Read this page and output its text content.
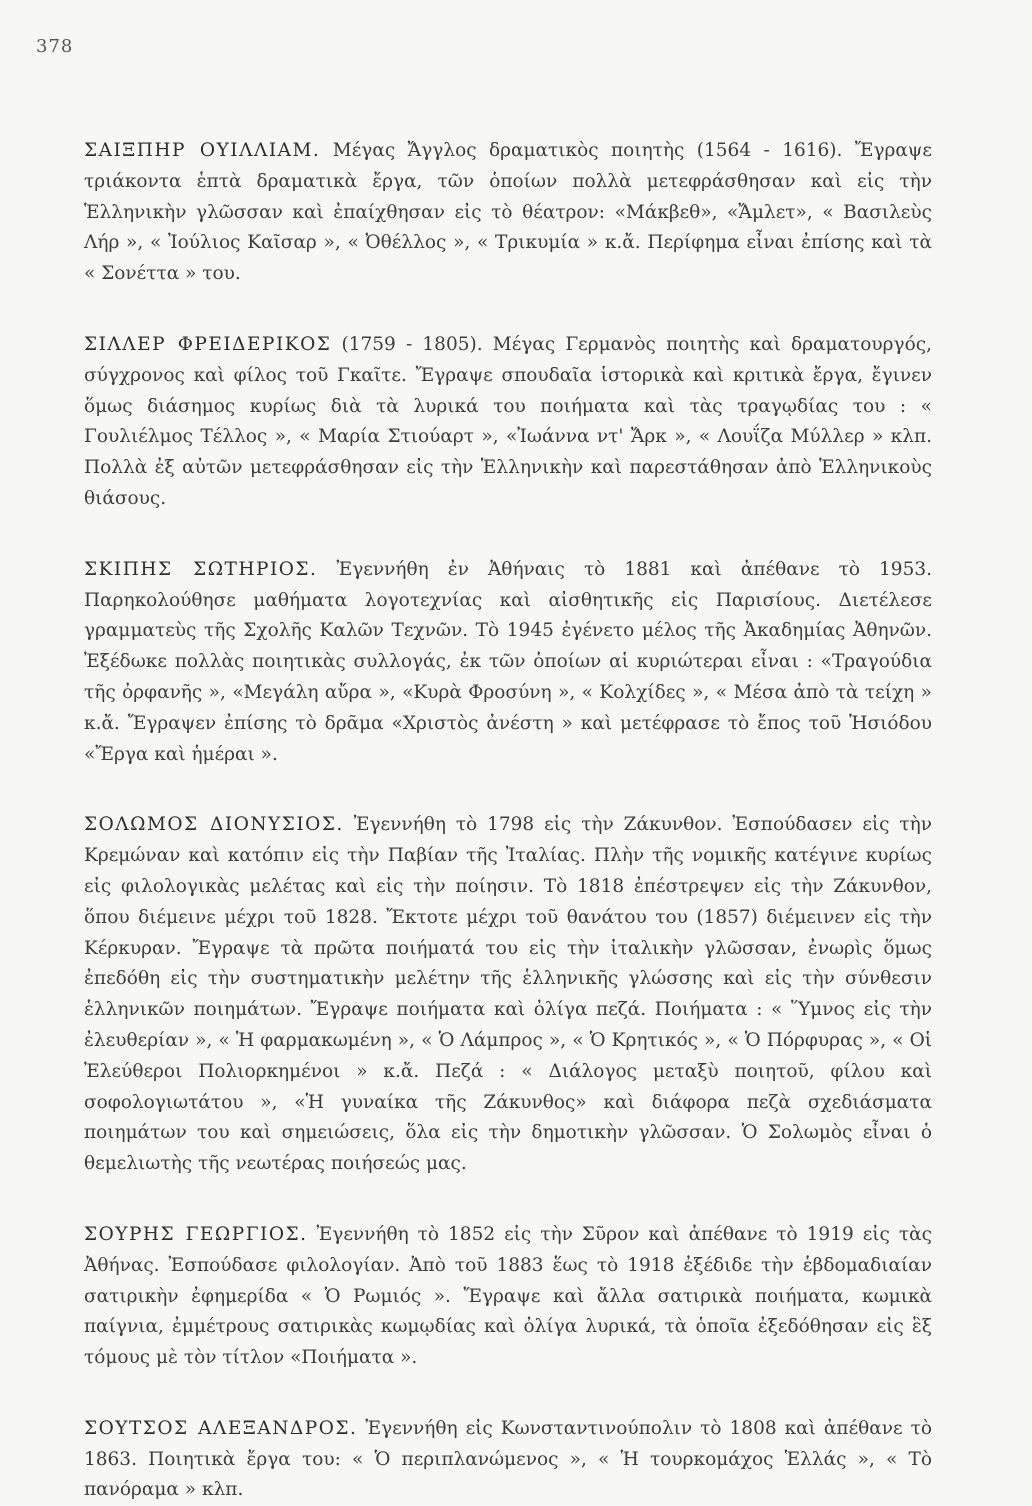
378

ΣΑΙΞΠΗΡ ΟΥΙΛΛΙΑΜ. Μέγας Ἄγγλος δραματικὸς ποιητὴς (1564 - 1616). Ἔγραψε τριάκοντα ἑπτὰ δραματικὰ ἔργα, τῶν ὁποίων πολλὰ μετεφράσθησαν καὶ εἰς τὴν Ἑλληνικὴν γλῶσσαν καὶ ἐπαίχθησαν εἰς τὸ θέατρον: «Μάκβεθ», «Ἄμλετ», « Βασιλεὺς Λήρ », « Ἰούλιος Καῖσαρ », « Ὀθέλλος », « Τρικυμία » κ.ἄ. Περίφημα εἶναι ἐπίσης καὶ τὰ « Σονέττα » του.

ΣΙΛΛΕΡ ΦΡΕΙΔΕΡΙΚΟΣ (1759 - 1805). Μέγας Γερμανὸς ποιητὴς καὶ δραματουργός, σύγχρονος καὶ φίλος τοῦ Γκαῖτε. Ἔγραψε σπουδαῖα ἱστορικὰ καὶ κριτικὰ ἔργα, ἔγινεν ὅμως διάσημος κυρίως διὰ τὰ λυρικά του ποιήματα καὶ τὰς τραγῳδίας του : « Γουλιέλμος Τέλλος », « Μαρία Στιούαρτ », «Ἰωάννα ντ' Ἄρκ », « Λουΐζα Μύλλερ » κλπ. Πολλὰ ἐξ αὐτῶν μετεφράσθησαν εἰς τὴν Ἑλληνικὴν καὶ παρεστάθησαν ἀπὸ Ἑλληνικοὺς θιάσους.

ΣΚΙΠΗΣ ΣΩΤΗΡΙΟΣ. Ἐγεννήθη ἐν Ἀθήναις τὸ 1881 καὶ ἀπέθανε τὸ 1953. Παρηκολούθησε μαθήματα λογοτεχνίας καὶ αἰσθητικῆς εἰς Παρισίους. Διετέλεσε γραμματεὺς τῆς Σχολῆς Καλῶν Τεχνῶν. Τὸ 1945 ἐγένετο μέλος τῆς Ἀκαδημίας Ἀθηνῶν. Ἐξέδωκε πολλὰς ποιητικὰς συλλογάς, ἐκ τῶν ὁποίων αἱ κυριώτεραι εἶναι : «Τραγούδια τῆς ὀρφανῆς », «Μεγάλη αὔρα », «Κυρὰ Φροσύνη », « Κολχίδες », « Μέσα ἀπὸ τὰ τείχη » κ.ἄ. Ἔγραψεν ἐπίσης τὸ δρᾶμα «Χριστὸς ἀνέστη » καὶ μετέφρασε τὸ ἔπος τοῦ Ἡσιόδου «Ἔργα καὶ ἡμέραι ».

ΣΟΛΩΜΟΣ ΔΙΟΝΥΣΙΟΣ. Ἐγεννήθη τὸ 1798 εἰς τὴν Ζάκυνθον. Ἐσπούδασεν εἰς τὴν Κρεμώναν καὶ κατόπιν εἰς τὴν Παβίαν τῆς Ἰταλίας. Πλὴν τῆς νομικῆς κατέγινε κυρίως εἰς φιλολογικὰς μελέτας καὶ εἰς τὴν ποίησιν. Τὸ 1818 ἐπέστρεψεν εἰς τὴν Ζάκυνθον, ὅπου διέμεινε μέχρι τοῦ 1828. Ἔκτοτε μέχρι τοῦ θανάτου του (1857) διέμεινεν εἰς τὴν Κέρκυραν. Ἔγραψε τὰ πρῶτα ποιήματά του εἰς τὴν ἰταλικὴν γλῶσσαν, ἐνωρὶς ὅμως ἐπεδόθη εἰς τὴν συστηματικὴν μελέτην τῆς ἑλληνικῆς γλώσσης καὶ εἰς τὴν σύνθεσιν ἑλληνικῶν ποιημάτων. Ἔγραψε ποιήματα καὶ ὀλίγα πεζά. Ποιήματα : « Ὕμνος εἰς τὴν ἐλευθερίαν », « Ἡ φαρμακωμένη », « Ὁ Λάμπρος », « Ὁ Κρητικός », « Ὁ Πόρφυρας », « Οἱ Ἐλεύθεροι Πολιορκημένοι » κ.ἄ. Πεζά : « Διάλογος μεταξὺ ποιητοῦ, φίλου καὶ σοφολογιωτάτου », «Ἡ γυναίκα τῆς Ζάκυνθος» καὶ διάφορα πεζὰ σχεδιάσματα ποιημάτων του καὶ σημειώσεις, ὅλα εἰς τὴν δημοτικὴν γλῶσσαν. Ὁ Σολωμὸς εἶναι ὁ θεμελιωτὴς τῆς νεωτέρας ποιήσεώς μας.

ΣΟΥΡΗΣ ΓΕΩΡΓΙΟΣ. Ἐγεννήθη τὸ 1852 εἰς τὴν Σῦρον καὶ ἀπέθανε τὸ 1919 εἰς τὰς Ἀθήνας. Ἐσπούδασε φιλολογίαν. Ἀπὸ τοῦ 1883 ἕως τὸ 1918 ἐξέδιδε τὴν ἑβδομαδιαίαν σατιρικὴν ἐφημερίδα « Ὁ Ρωμιός ». Ἔγραψε καὶ ἄλλα σατιρικὰ ποιήματα, κωμικὰ παίγνια, ἐμμέτρους σατιρικὰς κωμῳδίας καὶ ὀλίγα λυρικά, τὰ ὁποῖα ἐξεδόθησαν εἰς ἓξ τόμους μὲ τὸν τίτλον «Ποιήματα ».

ΣΟΥΤΣΟΣ ΑΛΕΞΑΝΔΡΟΣ. Ἐγεννήθη εἰς Κωνσταντινούπολιν τὸ 1808 καὶ ἀπέθανε τὸ 1863. Ποιητικὰ ἔργα του: « Ὁ περιπλανώμενος », « Ἡ τουρκομάχος Ἑλλάς », « Τὸ πανόραμα » κλπ.
